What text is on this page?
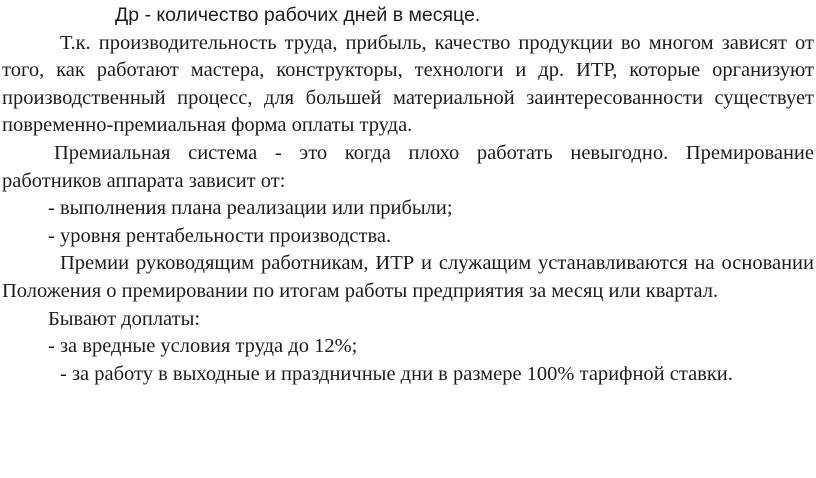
Др - количество рабочих дней в месяце.

Т.к. производительность труда, прибыль, качество продукции во многом зависят от того, как работают мастера, конструкторы, технологи и др. ИТР, которые организуют производственный процесс, для большей материальной заинтересованности существует повременно-премиальная форма оплаты труда.

Премиальная система - это когда плохо работать невыгодно. Премирование работников аппарата зависит от:

- выполнения плана реализации или прибыли;

- уровня рентабельности производства.

Премии руководящим работникам, ИТР и служащим устанавливаются на основании Положения о премировании по итогам работы предприятия за месяц или квартал.

Бывают доплаты:

- за вредные условия труда до 12%;

- за работу в выходные и праздничные дни в размере 100% тарифной ставки.
